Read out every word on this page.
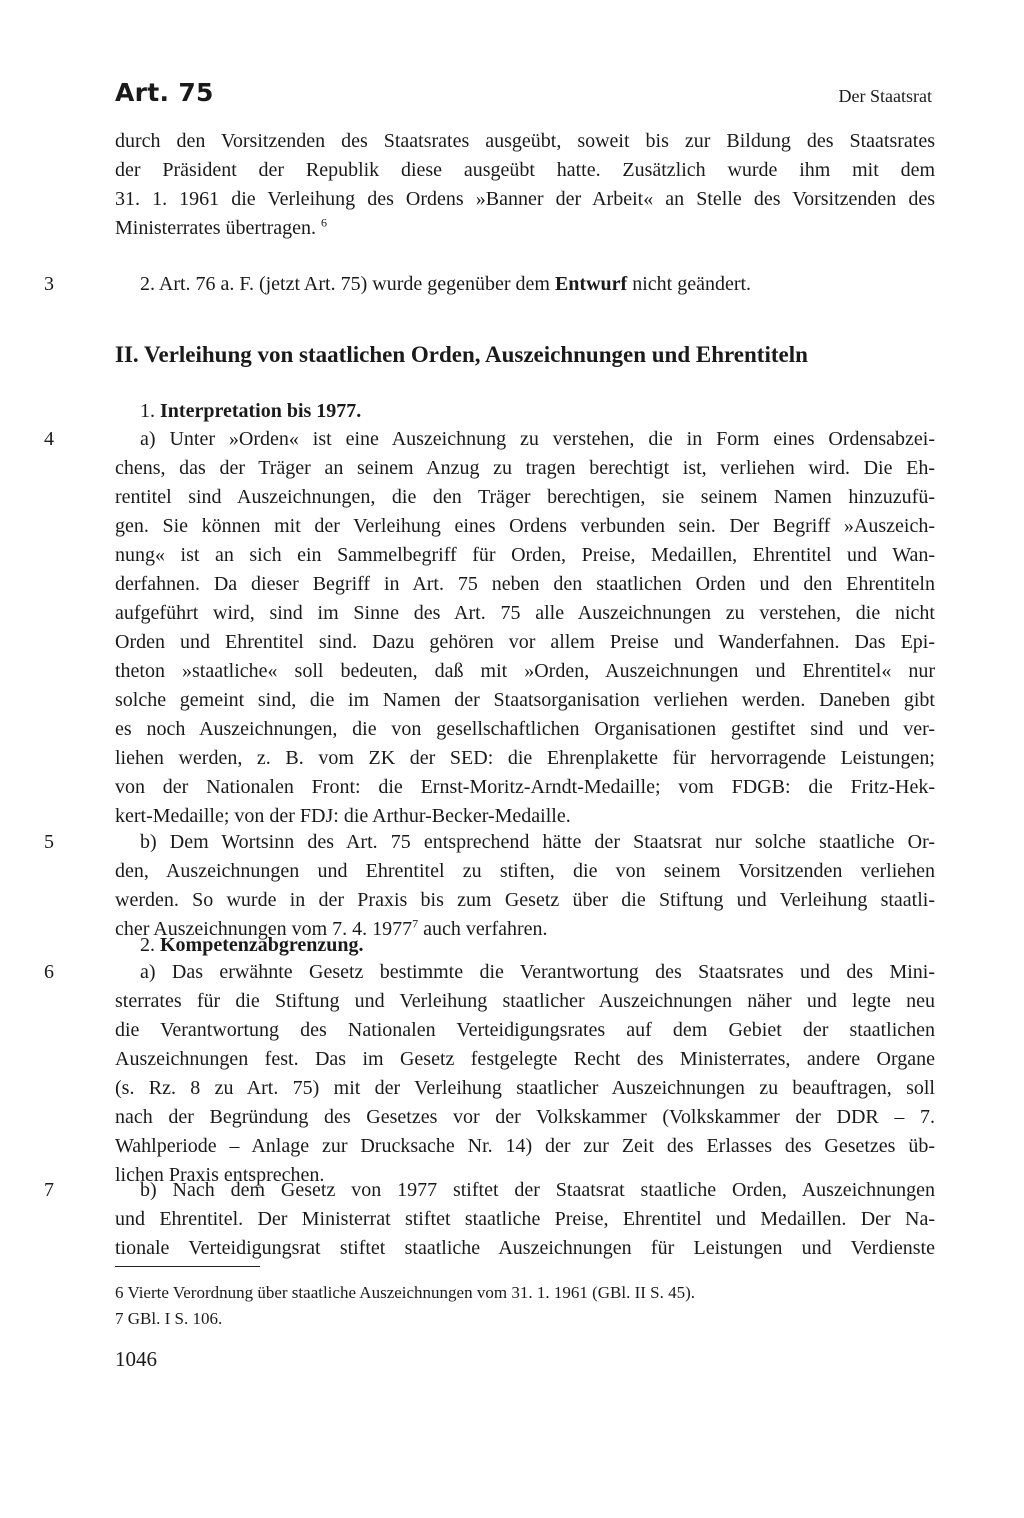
Art. 75	Der Staatsrat
durch den Vorsitzenden des Staatsrates ausgeübt, soweit bis zur Bildung des Staatsrates
der Präsident der Republik diese ausgeübt hatte. Zusätzlich wurde ihm mit dem
31. 1. 1961 die Verleihung des Ordens »Banner der Arbeit« an Stelle des Vorsitzenden des
Ministerrates übertragen. $^6$
3	2. Art. 76 a. F. (jetzt Art. 75) wurde gegenüber dem Entwurf nicht geändert.
II. Verleihung von staatlichen Orden, Auszeichnungen und Ehrentiteln
1. Interpretation bis 1977.
4	a) Unter »Orden« ist eine Auszeichnung zu verstehen, die in Form eines Ordensabzei-
chens, das der Träger an seinem Anzug zu tragen berechtigt ist, verliehen wird. Die Eh-
rentitel sind Auszeichnungen, die den Träger berechtigen, sie seinem Namen hinzuzufü-
gen. Sie können mit der Verleihung eines Ordens verbunden sein. Der Begriff »Auszeich-
nung« ist an sich ein Sammelbegriff für Orden, Preise, Medaillen, Ehrentitel und Wan-
derfahnen. Da dieser Begriff in Art. 75 neben den staatlichen Orden und den Ehrentiteln
aufgeführt wird, sind im Sinne des Art. 75 alle Auszeichnungen zu verstehen, die nicht
Orden und Ehrentitel sind. Dazu gehören vor allem Preise und Wanderfahnen. Das Epi-
theton »staatliche« soll bedeuten, daß mit »Orden, Auszeichnungen und Ehrentitel« nur
solche gemeint sind, die im Namen der Staatsorganisation verliehen werden. Daneben gibt
es noch Auszeichnungen, die von gesellschaftlichen Organisationen gestiftet sind und ver-
liehen werden, z. B. vom ZK der SED: die Ehrenplakette für hervorragende Leistungen;
von der Nationalen Front: die Ernst-Moritz-Arndt-Medaille; vom FDGB: die Fritz-Hek-
kert-Medaille; von der FDJ: die Arthur-Becker-Medaille.
5	b) Dem Wortsinn des Art. 75 entsprechend hätte der Staatsrat nur solche staatliche Or-
den, Auszeichnungen und Ehrentitel zu stiften, die von seinem Vorsitzenden verliehen
werden. So wurde in der Praxis bis zum Gesetz über die Stiftung und Verleihung staatli-
cher Auszeichnungen vom 7. 4. 1977$^7$ auch verfahren.
2. Kompetenzabgrenzung.
6	a) Das erwähnte Gesetz bestimmte die Verantwortung des Staatsrates und des Mini-
sterrates für die Stiftung und Verleihung staatlicher Auszeichnungen näher und legte neu
die Verantwortung des Nationalen Verteidigungsrates auf dem Gebiet der staatlichen
Auszeichnungen fest. Das im Gesetz festgelegte Recht des Ministerrates, andere Organe
(s. Rz. 8 zu Art. 75) mit der Verleihung staatlicher Auszeichnungen zu beauftragen, soll
nach der Begründung des Gesetzes vor der Volkskammer (Volkskammer der DDR – 7.
Wahlperiode – Anlage zur Drucksache Nr. 14) der zur Zeit des Erlasses des Gesetzes üb-
lichen Praxis entsprechen.
7	b) Nach dem Gesetz von 1977 stiftet der Staatsrat staatliche Orden, Auszeichnungen
und Ehrentitel. Der Ministerrat stiftet staatliche Preise, Ehrentitel und Medaillen. Der Na-
tionale Verteidigungsrat stiftet staatliche Auszeichnungen für Leistungen und Verdienste
6 Vierte Verordnung über staatliche Auszeichnungen vom 31. 1. 1961 (GBl. II S. 45).
7 GBl. I S. 106.
1046
